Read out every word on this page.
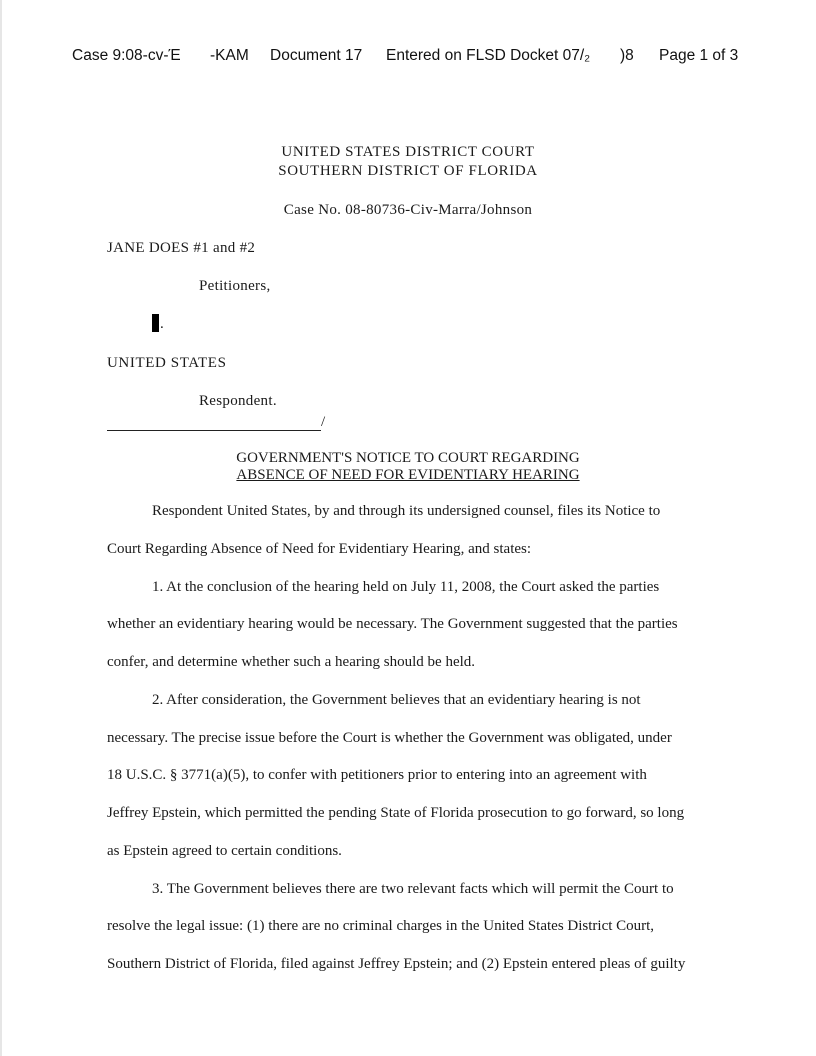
Case 9:08-cv-Έ -KAM Document 17 Entered on FLSD Docket 07/₂ )8 Page 1 of 3
UNITED STATES DISTRICT COURT
SOUTHERN DISTRICT OF FLORIDA
Case No. 08-80736-Civ-Marra/Johnson
JANE DOES #1 and #2
Petitioners,
.
UNITED STATES
Respondent.
/
GOVERNMENT'S NOTICE TO COURT REGARDING
ABSENCE OF NEED FOR EVIDENTIARY HEARING
Respondent United States, by and through its undersigned counsel, files its Notice to
Court Regarding Absence of Need for Evidentiary Hearing, and states:
1. At the conclusion of the hearing held on July 11, 2008, the Court asked the parties
whether an evidentiary hearing would be necessary. The Government suggested that the parties
confer, and determine whether such a hearing should be held.
2. After consideration, the Government believes that an evidentiary hearing is not
necessary. The precise issue before the Court is whether the Government was obligated, under
18 U.S.C. § 3771(a)(5), to confer with petitioners prior to entering into an agreement with
Jeffrey Epstein, which permitted the pending State of Florida prosecution to go forward, so long
as Epstein agreed to certain conditions.
3. The Government believes there are two relevant facts which will permit the Court to
resolve the legal issue: (1) there are no criminal charges in the United States District Court,
Southern District of Florida, filed against Jeffrey Epstein; and (2) Epstein entered pleas of guilty
